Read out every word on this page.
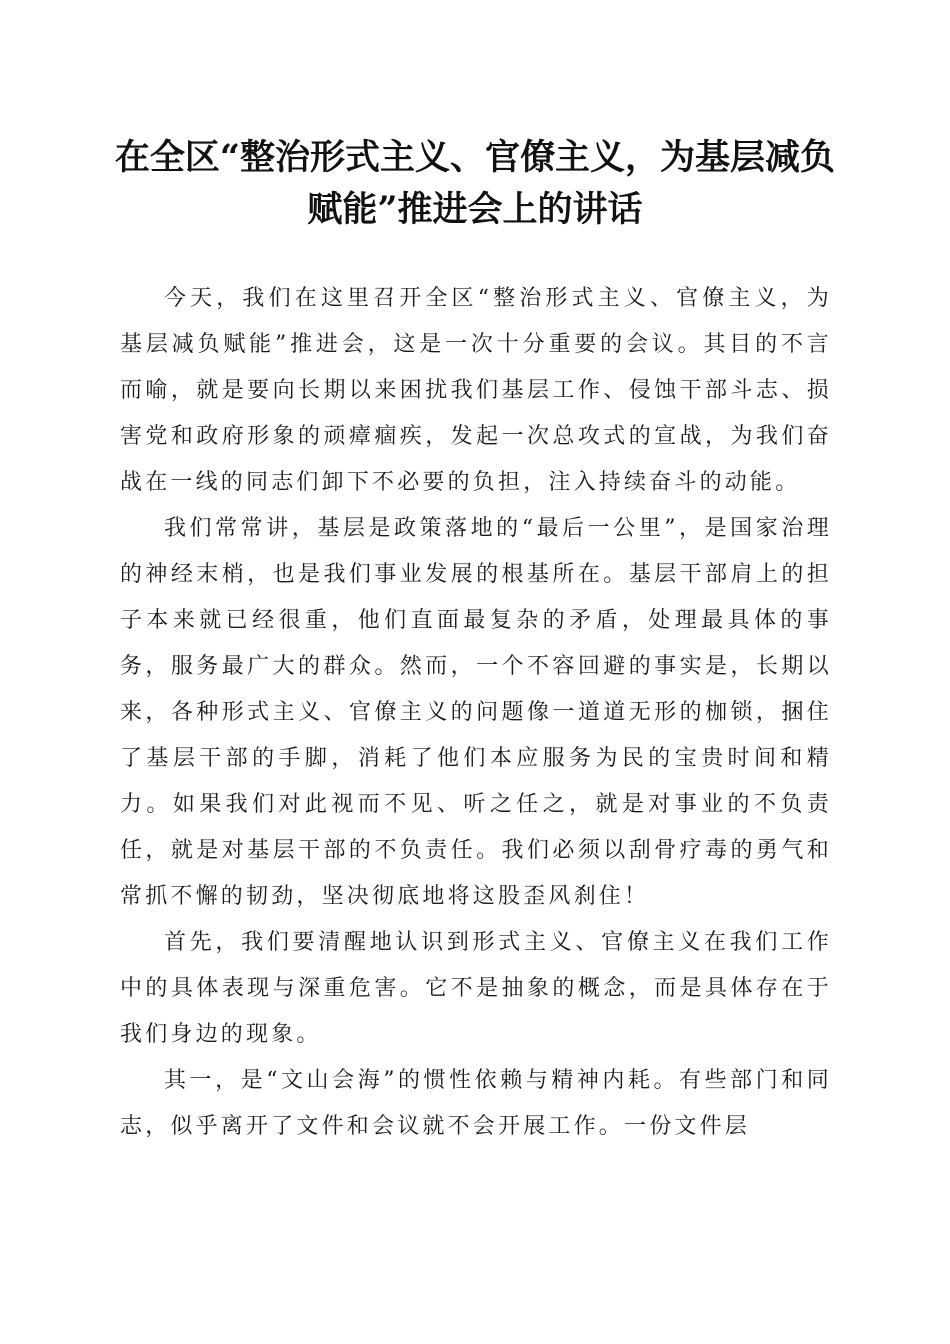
在全区“整治形式主义、官僚主义，为基层减负赋能”推进会上的讲话

今天，我们在这里召开全区“整治形式主义、官僚主义，为基层减负赋能”推进会，这是一次十分重要的会议。其目的不言而喻，就是要向长期以来困扰我们基层工作、侵蚀干部斗志、损害党和政府形象的顽瘴痼疾，发起一次总攻式的宣战，为我们奋战在一线的同志们卸下不必要的负担，注入持续奋斗的动能。

我们常常讲，基层是政策落地的“最后一公里”，是国家治理的神经末梢，也是我们事业发展的根基所在。基层干部肩上的担子本来就已经很重，他们直面最复杂的矛盾，处理最具体的事务，服务最广大的群众。然而，一个不容回避的事实是，长期以来，各种形式主义、官僚主义的问题像一道道无形的枷锁，捆住了基层干部的手脚，消耗了他们本应服务为民的宝贵时间和精力。如果我们对此视而不见、听之任之，就是对事业的不负责任，就是对基层干部的不负责任。我们必须以刮骨疗毒的勇气和常抓不懈的韧劲，坚决彻底地将这股歪风刹住！

首先，我们要清醒地认识到形式主义、官僚主义在我们工作中的具体表现与深重危害。它不是抽象的概念，而是具体存在于我们身边的现象。

其一，是“文山会海”的惯性依赖与精神内耗。有些部门和同志，似乎离开了文件和会议就不会开展工作。一份文件层
